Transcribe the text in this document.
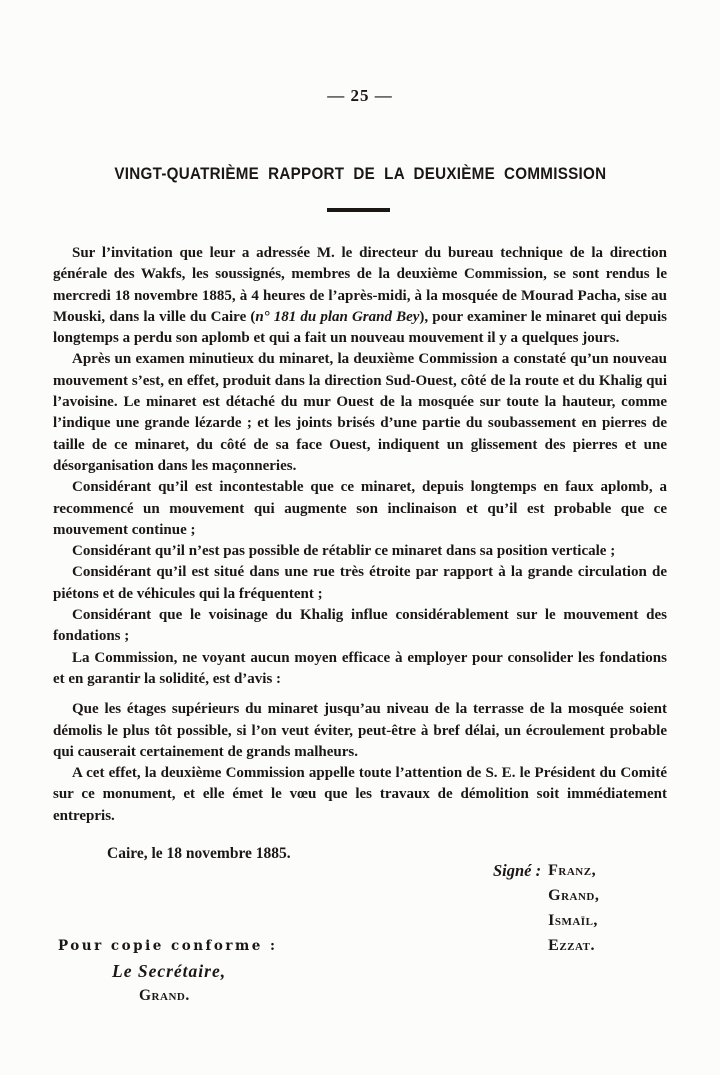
— 25 —
VINGT-QUATRIÈME RAPPORT DE LA DEUXIÈME COMMISSION

Sur l’invitation que leur a adressée M. le directeur du bureau technique de la direction générale des Wakfs, les soussignés, membres de la deuxième Commission, se sont rendus le mercredi 18 novembre 1885, à 4 heures de l’après-midi, à la mosquée de Mourad Pacha, sise au Mouski, dans la ville du Caire (n° 181 du plan Grand Bey), pour examiner le minaret qui depuis longtemps a perdu son aplomb et qui a fait un nouveau mouvement il y a quelques jours.

Après un examen minutieux du minaret, la deuxième Commission a constaté qu’un nouveau mouvement s’est, en effet, produit dans la direction Sud-Ouest, côté de la route et du Khalig qui l’avoisine. Le minaret est détaché du mur Ouest de la mosquée sur toute la hauteur, comme l’indique une grande lézarde ; et les joints brisés d’une partie du soubassement en pierres de taille de ce minaret, du côté de sa face Ouest, indiquent un glissement des pierres et une désorganisation dans les maçonneries.

Considérant qu’il est incontestable que ce minaret, depuis longtemps en faux aplomb, a recommencé un mouvement qui augmente son inclinaison et qu’il est probable que ce mouvement continue ;

Considérant qu’il n’est pas possible de rétablir ce minaret dans sa position verticale ;

Considérant qu’il est situé dans une rue très étroite par rapport à la grande circulation de piétons et de véhicules qui la fréquentent ;

Considérant que le voisinage du Khalig influe considérablement sur le mouvement des fondations ;

La Commission, ne voyant aucun moyen efficace à employer pour consolider les fondations et en garantir la solidité, est d’avis :

Que les étages supérieurs du minaret jusqu’au niveau de la terrasse de la mosquée soient démolis le plus tôt possible, si l’on veut éviter, peut-être à bref délai, un écroulement probable qui causerait certainement de grands malheurs.

A cet effet, la deuxième Commission appelle toute l’attention de S. E. le Président du Comité sur ce monument, et elle émet le vœu que les travaux de démolition soit immédiatement entrepris.

Caire, le 18 novembre 1885.
Signé : Franz,
Grand,
Ismaïl,
Ezzat.
Pour copie conforme :
Le Secrétaire,
Grand.
